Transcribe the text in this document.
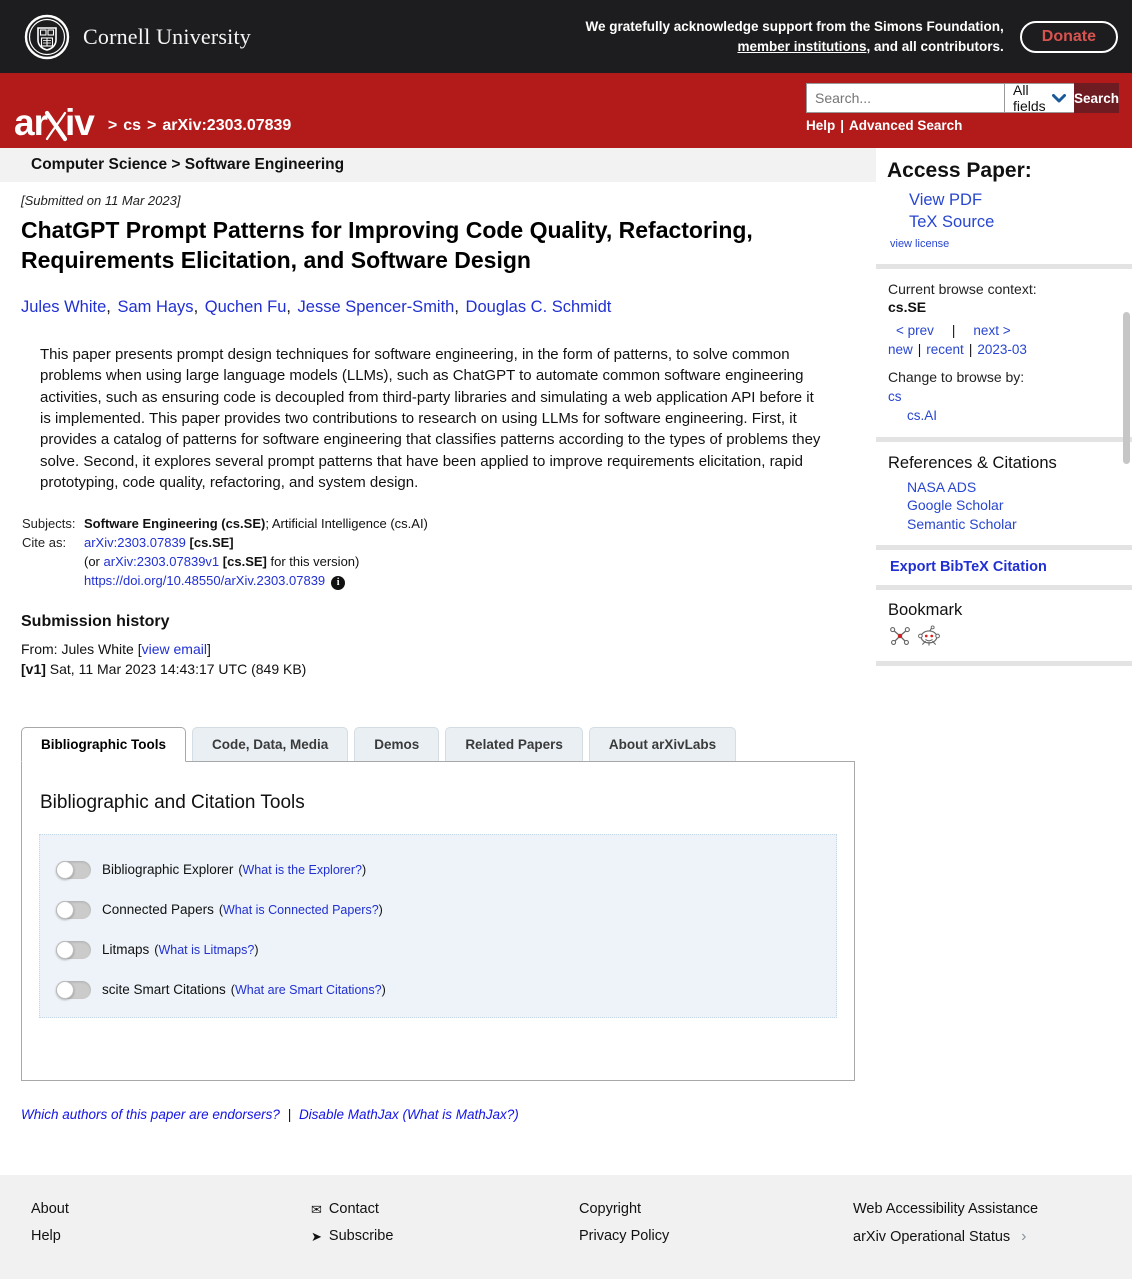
Cornell University	We gratefully acknowledge support from the Simons Foundation,
member institutions, and all contributors.
Donate
ar iv > cs > arXiv:2303.07839
Search...
All fields	Search
Help | Advanced Search
Computer Science > Software Engineering
[Submitted on 11 Mar 2023]
ChatGPT Prompt Patterns for Improving Code Quality, Refactoring, Requirements Elicitation, and Software Design
Jules White, Sam Hays, Quchen Fu, Jesse Spencer-Smith, Douglas C. Schmidt

This paper presents prompt design techniques for software engineering, in the form of patterns, to solve common problems when using large language models (LLMs), such as ChatGPT to automate common software engineering activities, such as ensuring code is decoupled from third-party libraries and simulating a web application API before it is implemented. This paper provides two contributions to research on using LLMs for software engineering. First, it provides a catalog of patterns for software engineering that classifies patterns according to the types of problems they solve. Second, it explores several prompt patterns that have been applied to improve requirements elicitation, rapid prototyping, code quality, refactoring, and system design.

Subjects: Software Engineering (cs.SE); Artificial Intelligence (cs.AI)
Cite as:	arXiv:2303.07839 [cs.SE]
(or arXiv:2303.07839v1 [cs.SE] for this version)
https://doi.org/10.48550/arXiv.2303.07839 i
Submission history
From: Jules White [view email]
[v1] Sat, 11 Mar 2023 14:43:17 UTC (849 KB)
Bibliographic Tools	Code, Data, Media	Demos	Related Papers	About arXivLabs
Bibliographic and Citation Tools
Bibliographic Explorer ( What is the Explorer? )
Connected Papers ( What is Connected Papers? )
Litmaps ( What is Litmaps? )
scite Smart Citations ( What are Smart Citations? )
Which authors of this paper are endorsers? | Disable MathJax (What is MathJax?)
Access Paper:
View PDF
TeX Source
view license
Current browse context:
cs.SE
< prev | next >
new | recent | 2023-03
Change to browse by:
cs
cs.AI
References & Citations
NASA ADS
Google Scholar
Semantic Scholar
Export BibTeX Citation
Bookmark
About
Help
✉ Contact
➤ Subscribe
Copyright
Privacy Policy
Web Accessibility Assistance
arXiv Operational Status ›
